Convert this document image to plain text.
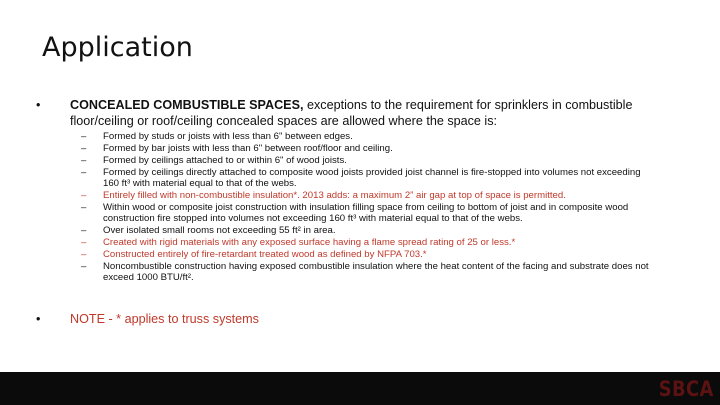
Application
•	CONCEALED COMBUSTIBLE SPACES, exceptions to the requirement for sprinklers in combustible floor/ceiling or roof/ceiling concealed spaces are allowed where the space is:
– Formed by studs or joists with less than 6" between edges.
– Formed by bar joists with less than 6" between roof/floor and ceiling.
– Formed by ceilings attached to or within 6" of wood joists.
– Formed by ceilings directly attached to composite wood joists provided joist channel is fire-stopped into volumes not exceeding 160 ft³ with material equal to that of the webs.
– Entirely filled with non-combustible insulation*. 2013 adds: a maximum 2” air gap at top of space is permitted.
– Within wood or composite joist construction with insulation filling space from ceiling to bottom of joist and in composite wood construction fire stopped into volumes not exceeding 160 ft³ with material equal to that of the webs.
– Over isolated small rooms not exceeding 55 ft² in area.
– Created with rigid materials with any exposed surface having a flame spread rating of 25 or less.*
– Constructed entirely of fire-retardant treated wood as defined by NFPA 703.*
– Noncombustible construction having exposed combustible insulation where the heat content of the facing and substrate does not exceed 1000 BTU/ft².
•	NOTE - * applies to truss systems
SBCA
